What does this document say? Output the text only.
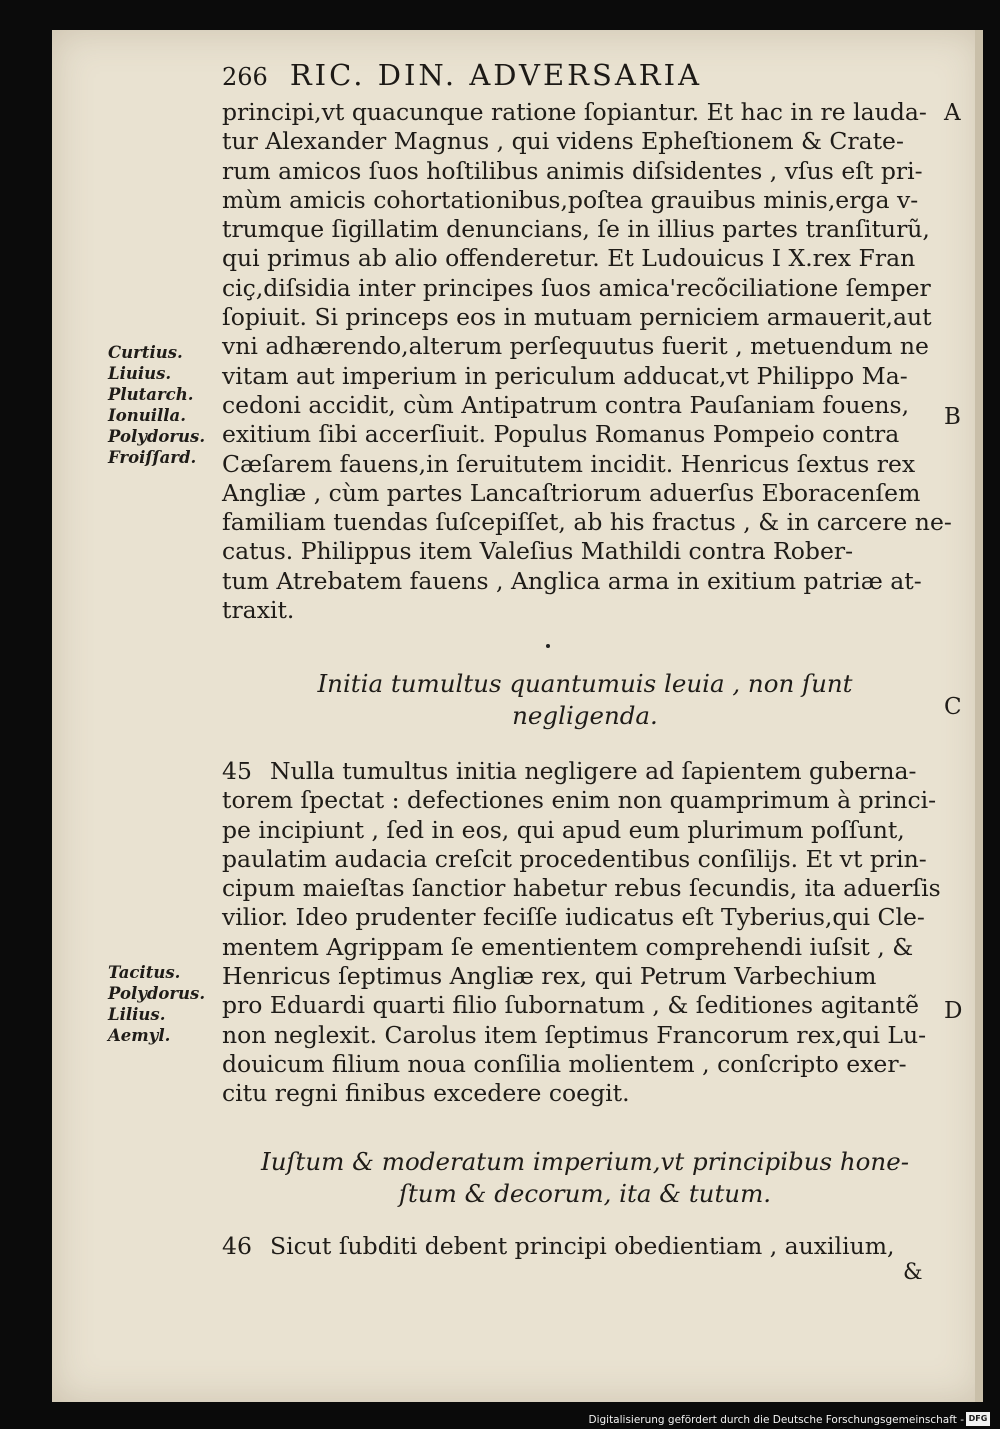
266 RIC. DIN. ADVERSARIA
principi,vt quacunque ratione ſopiantur. Et hac in re lauda-
tur Alexander Magnus , qui videns Epheſtionem & Crate-
rum amicos ſuos hoſtilibus animis diſsidentes , vſus eſt pri-
mùm amicis cohortationibus,poſtea grauibus minis,erga v-
trumque ſigillatim denuncians, ſe in illius partes tranſiturũ,
qui primus ab alio offenderetur. Et Ludouicus I X.rex Fran
ciç,diſsidia inter principes ſuos amica'recõciliatione ſemper
ſopiuit. Si princeps eos in mutuam perniciem armauerit,aut
vni adhærendo,alterum perſequutus fuerit , metuendum ne
vitam aut imperium in periculum adducat,vt Philippo Ma-
cedoni accidit, cùm Antipatrum contra Pauſaniam fouens,
exitium ſibi accerſiuit. Populus Romanus Pompeio contra
Cæſarem fauens,in ſeruitutem incidit. Henricus ſextus rex
Angliæ , cùm partes Lancaſtriorum aduerſus Eboracenſem
familiam tuendas ſuſcepiſſet, ab his fractus , & in carcere ne-
catus. Philippus item Valeſius Mathildi contra Rober-
tum Atrebatem fauens , Anglica arma in exitium patriæ at-
traxit.
Initia tumultus quantumuis leuia , non ſunt
negligenda.
45 Nulla tumultus initia negligere ad ſapientem guberna-
torem ſpectat : defectiones enim non quamprimum à princi-
pe incipiunt , ſed in eos, qui apud eum plurimum poſſunt,
paulatim audacia creſcit procedentibus conſilijs. Et vt prin-
cipum maieſtas ſanctior habetur rebus ſecundis, ita aduerſis
vilior. Ideo prudenter feciſſe iudicatus eſt Tyberius,qui Cle-
mentem Agrippam ſe ementientem comprehendi iuſsit , &
Henricus ſeptimus Angliæ rex, qui Petrum Varbechium
pro Eduardi quarti filio ſubornatum , & ſeditiones agitantẽ
non neglexit. Carolus item ſeptimus Francorum rex,qui Lu-
douicum filium noua conſilia molientem , conſcripto exer-
citu regni finibus excedere coegit.
Iuſtum & moderatum imperium,vt principibus hone-
ſtum & decorum, ita & tutum.
46 Sicut ſubditi debent principi obedientiam , auxilium,
&
Curtius.
Liuius.
Plutarch.
Ionuilla.
Polydorus.
Froiſſard.
Tacitus.
Polydorus.
Lilius.
Aemyl.
A
B
C
D
Digitalisierung gefördert durch die Deutsche Forschungsgemeinschaft - DFG
